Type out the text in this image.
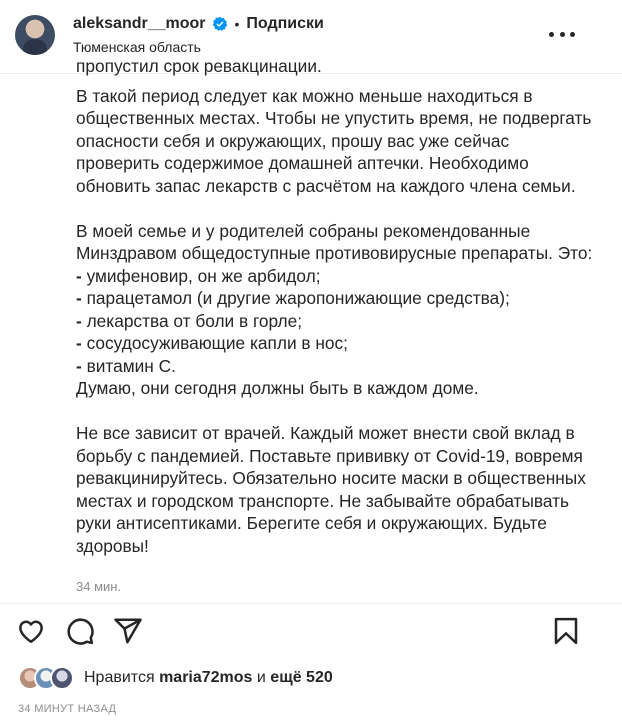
aleksandr__moor • Подписки
Тюменская область

пропустил срок ревакцинации.

В такой период следует как можно меньше находиться в общественных местах. Чтобы не упустить время, не подвергать опасности себя и окружающих, прошу вас уже сейчас проверить содержимое домашней аптечки. Необходимо обновить запас лекарств с расчётом на каждого члена семьи.

В моей семье и у родителей собраны рекомендованные Минздравом общедоступные противовирусные препараты. Это:
- умифеновир, он же арбидол;
- парацетамол (и другие жаропонижающие средства);
- лекарства от боли в горле;
- сосудосуживающие капли в нос;
- витамин С.
Думаю, они сегодня должны быть в каждом доме.

Не все зависит от врачей. Каждый может внести свой вклад в борьбу с пандемией. Поставьте прививку от Covid-19, вовремя ревакцинируйтесь. Обязательно носите маски в общественных местах и городском транспорте. Не забывайте обрабатывать руки антисептиками. Берегите себя и окружающих. Будьте здоровы!

34 мин.
Нравится maria72mos и ещё 520
34 МИНУТ НАЗАД
